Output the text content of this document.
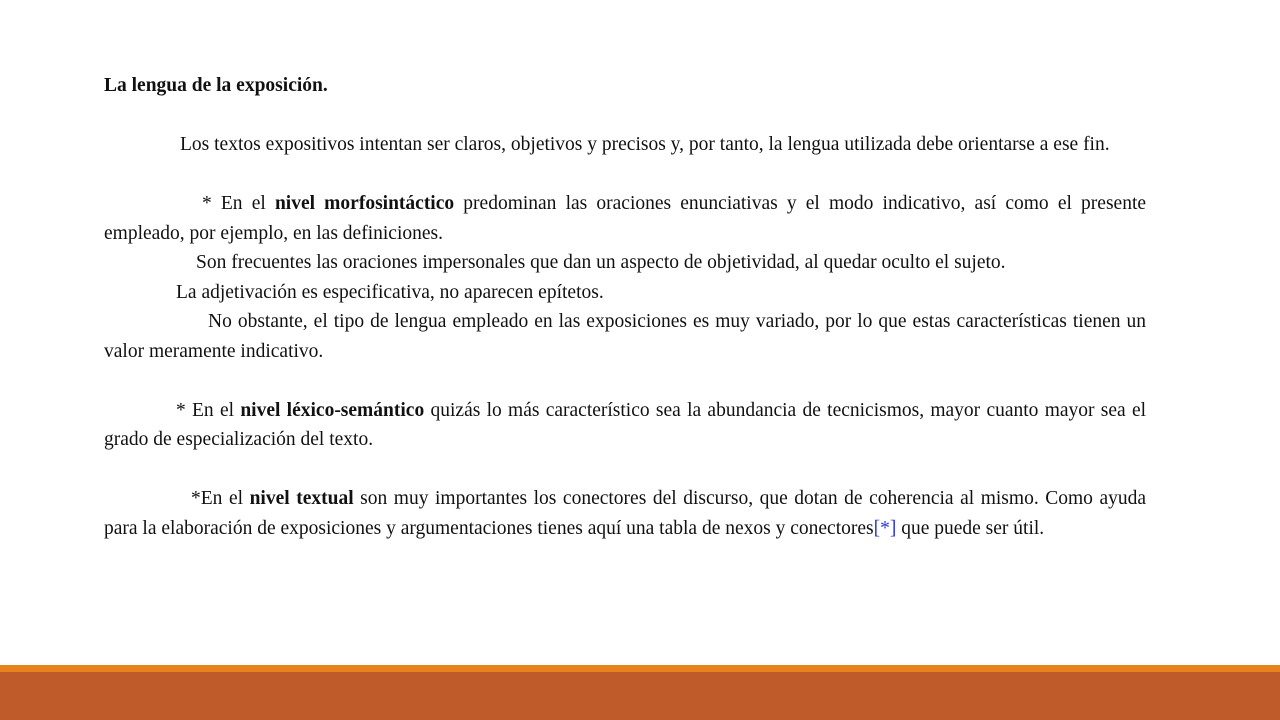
La lengua de la exposición.

Los textos expositivos intentan ser claros, objetivos y precisos y, por tanto, la lengua utilizada debe orientarse a ese fin.

* En el nivel morfosintáctico predominan las oraciones enunciativas y el modo indicativo, así como el presente empleado, por ejemplo, en las definiciones.

Son frecuentes las oraciones impersonales que dan un aspecto de objetividad, al quedar oculto el sujeto.

La adjetivación es especificativa, no aparecen epítetos.

No obstante, el tipo de lengua empleado en las exposiciones es muy variado, por lo que estas características tienen un valor meramente indicativo.

* En el nivel léxico-semántico quizás lo más característico sea la abundancia de tecnicismos, mayor cuanto mayor sea el grado de especialización del texto.

*En el nivel textual son muy importantes los conectores del discurso, que dotan de coherencia al mismo. Como ayuda para la elaboración de exposiciones y argumentaciones tienes aquí una tabla de nexos y conectores[*] que puede ser útil.
